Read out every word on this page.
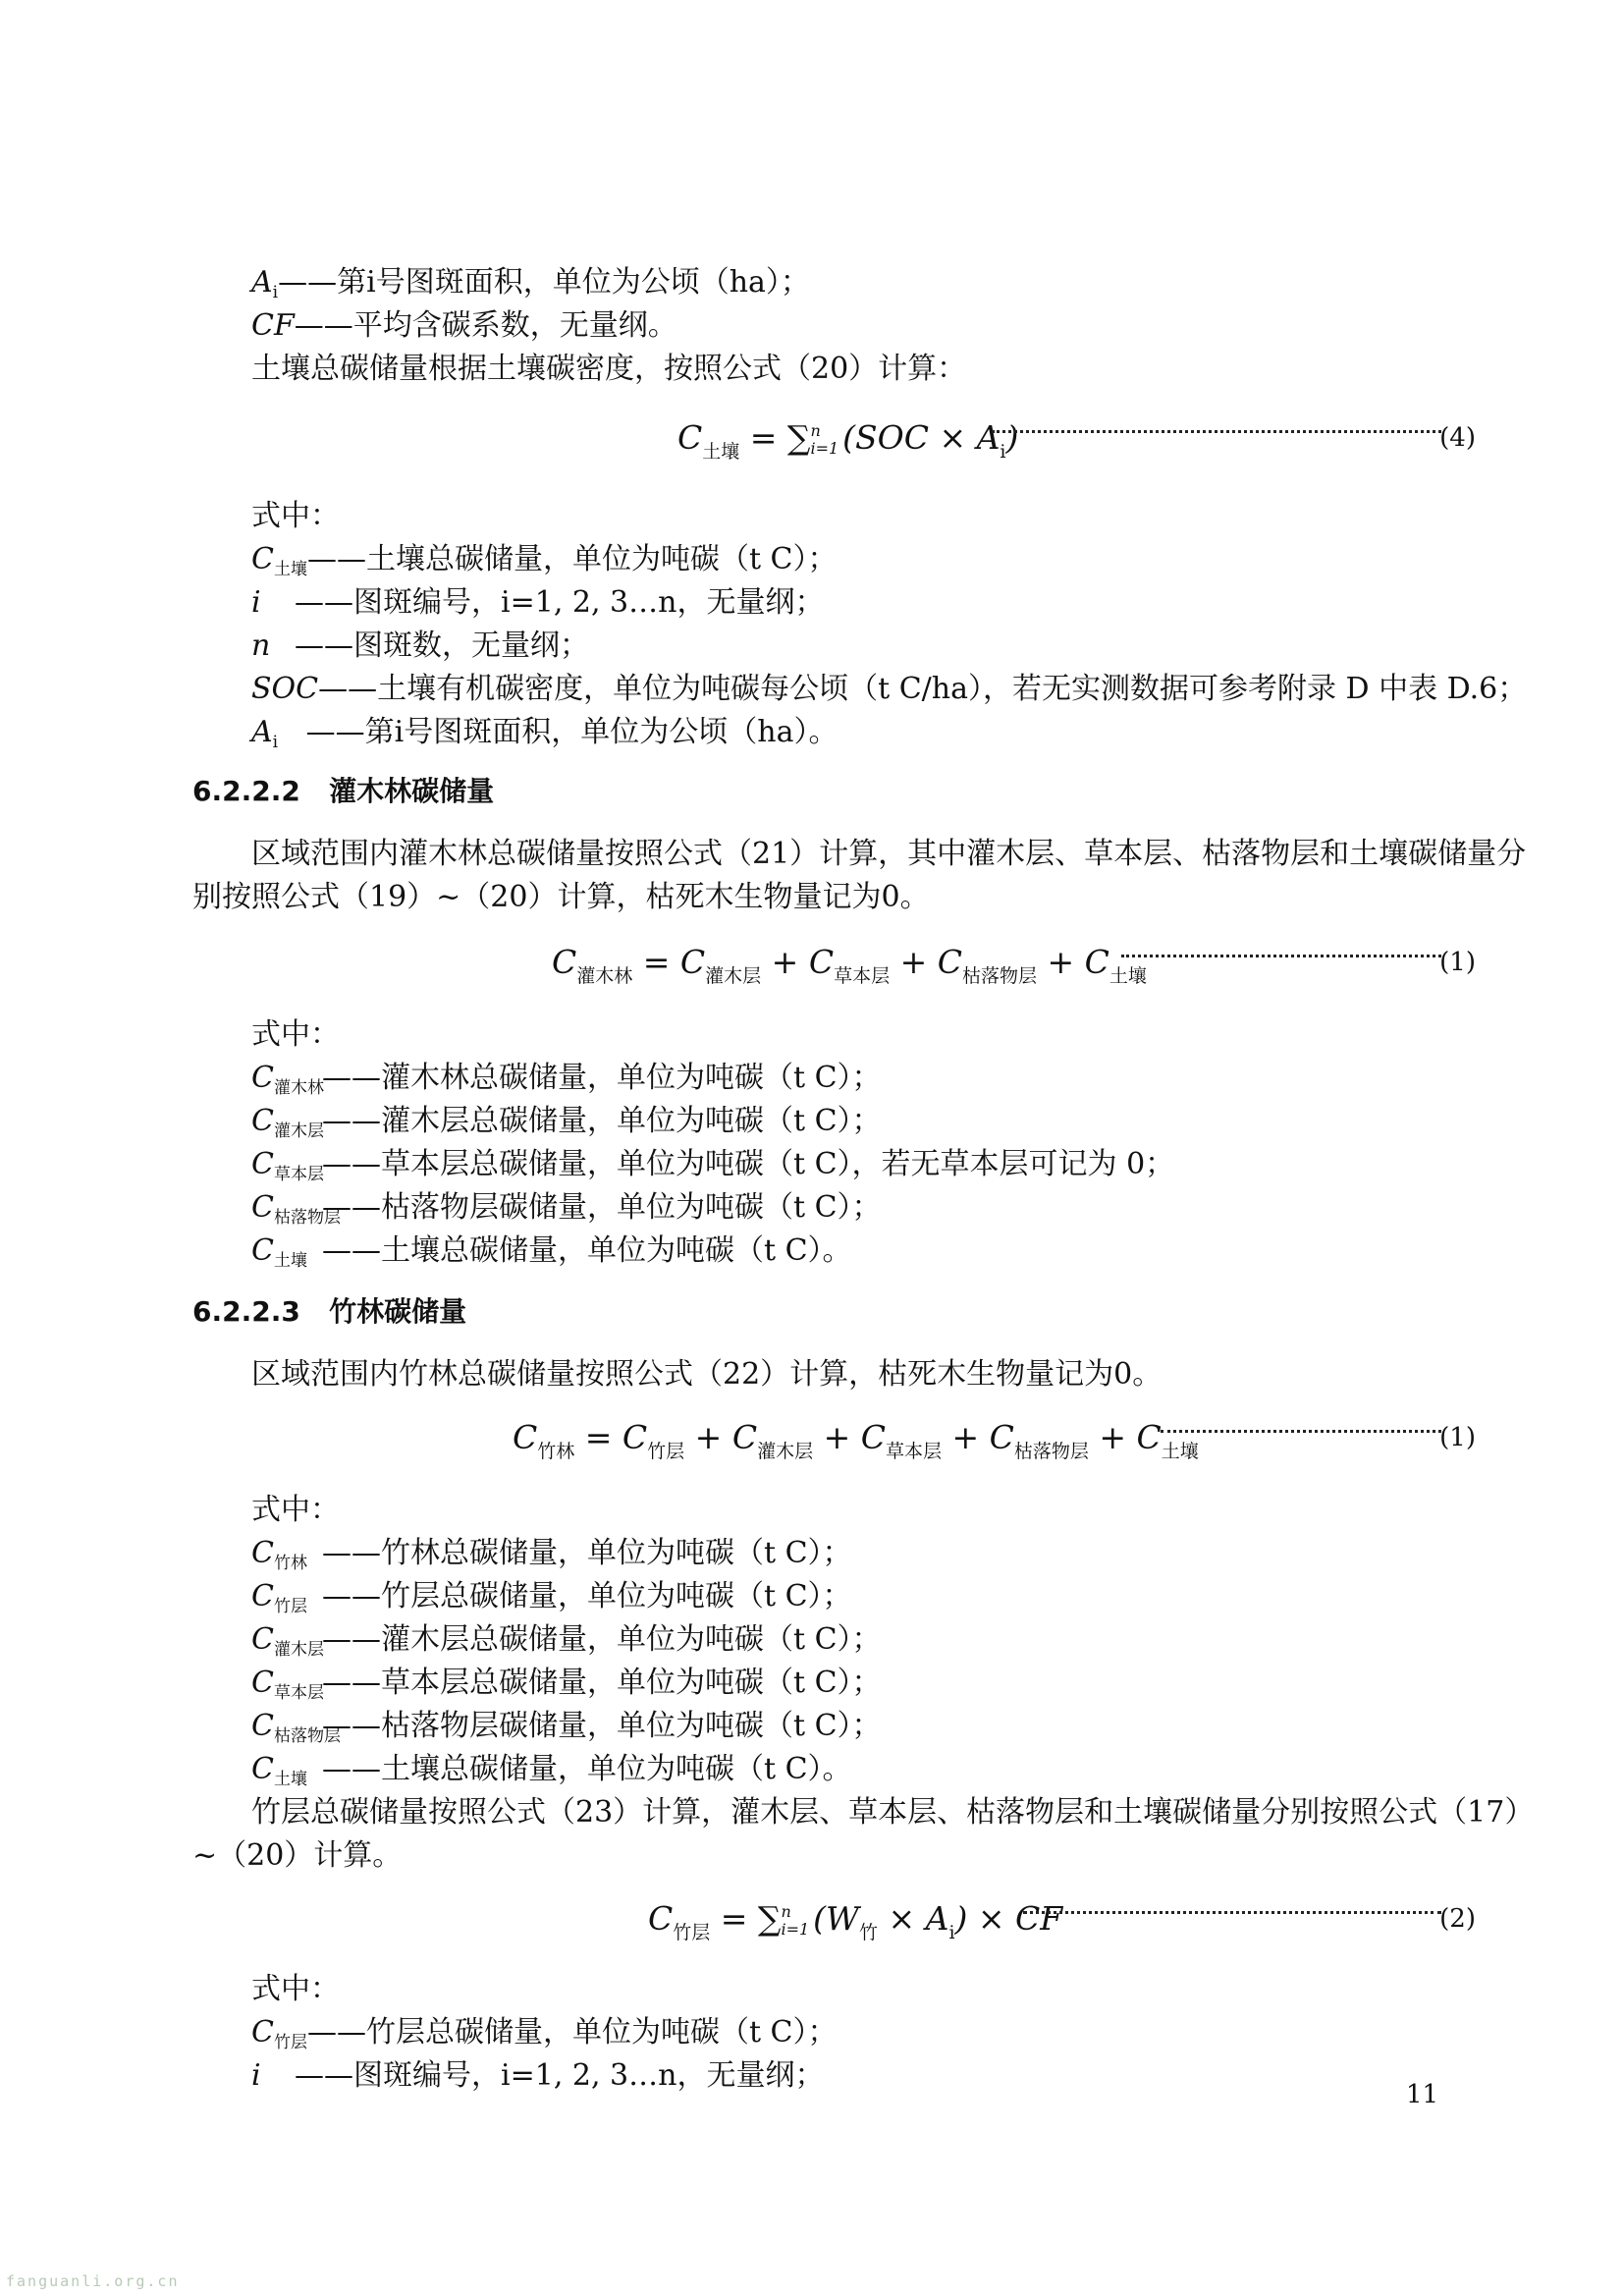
$A_i——$第i号图斑面积，单位为公顷（ha）；
CF——平均含碳系数，无量纲。
土壤总碳储量根据土壤碳密度，按照公式（20）计算：
$C_{土壤} = \sum n$
i=1 $(SOC \times A_i)$	(4)
式中：
$C_{土壤}——$土壤总碳储量，单位为吨碳（t C）；
i ——图斑编号，i=1, 2, 3…n，无量纲；
n ——图斑数，无量纲；
SOC——土壤有机碳密度，单位为吨碳每公顷（t C/ha），若无实测数据可参考附录 D 中表 D.6；
Ai ——第i号图斑面积，单位为公顷（ha）。
6.2.2.2 灌木林碳储量
区域范围内灌木林总碳储量按照公式（21）计算，其中灌木层、草本层、枯落物层和土壤碳储量分
别按照公式（19）~（20）计算，枯死木生物量记为0。
$C_{灌木林} = C_{灌木层} + C_{草本层} + C_{枯落物层} + C_{土壤}$	(1)
式中：
$C_{灌木林}——$灌木林总碳储量，单位为吨碳（t C）；
$C_{灌木层}——$灌木层总碳储量，单位为吨碳（t C）；
$C_{草本层}——$草本层总碳储量，单位为吨碳（t C），若无草本层可记为 0；
$C_{枯落物层}——$枯落物层碳储量，单位为吨碳（t C）；
$C_{土壤}$ ——土壤总碳储量，单位为吨碳（t C）。
6.2.2.3 竹林碳储量
区域范围内竹林总碳储量按照公式（22）计算，枯死木生物量记为0。
$C_{竹林} = C_{竹层} + C_{灌木层} + C_{草本层} + C_{枯落物层} + C_{土壤}$	(1)
式中：
$C_{竹林}$ ——竹林总碳储量，单位为吨碳（t C）；
$C_{竹层}$ ——竹层总碳储量，单位为吨碳（t C）；
$C_{灌木层}——$灌木层总碳储量，单位为吨碳（t C）；
$C_{草本层}——$草本层总碳储量，单位为吨碳（t C）；
$C_{枯落物层}——$枯落物层碳储量，单位为吨碳（t C）；
$C_{土壤}$ ——土壤总碳储量，单位为吨碳（t C）。
竹层总碳储量按照公式（23）计算，灌木层、草本层、枯落物层和土壤碳储量分别按照公式（17）
~（20）计算。
$C_{竹层} = \sum n$
i=1 $(W_竹 \times A_i)$ × CF	(2)
式中：
$C_{竹层}——$竹层总碳储量，单位为吨碳（t C）；
i ——图斑编号，i=1, 2, 3…n，无量纲；
11
fanguanli.org.cn
